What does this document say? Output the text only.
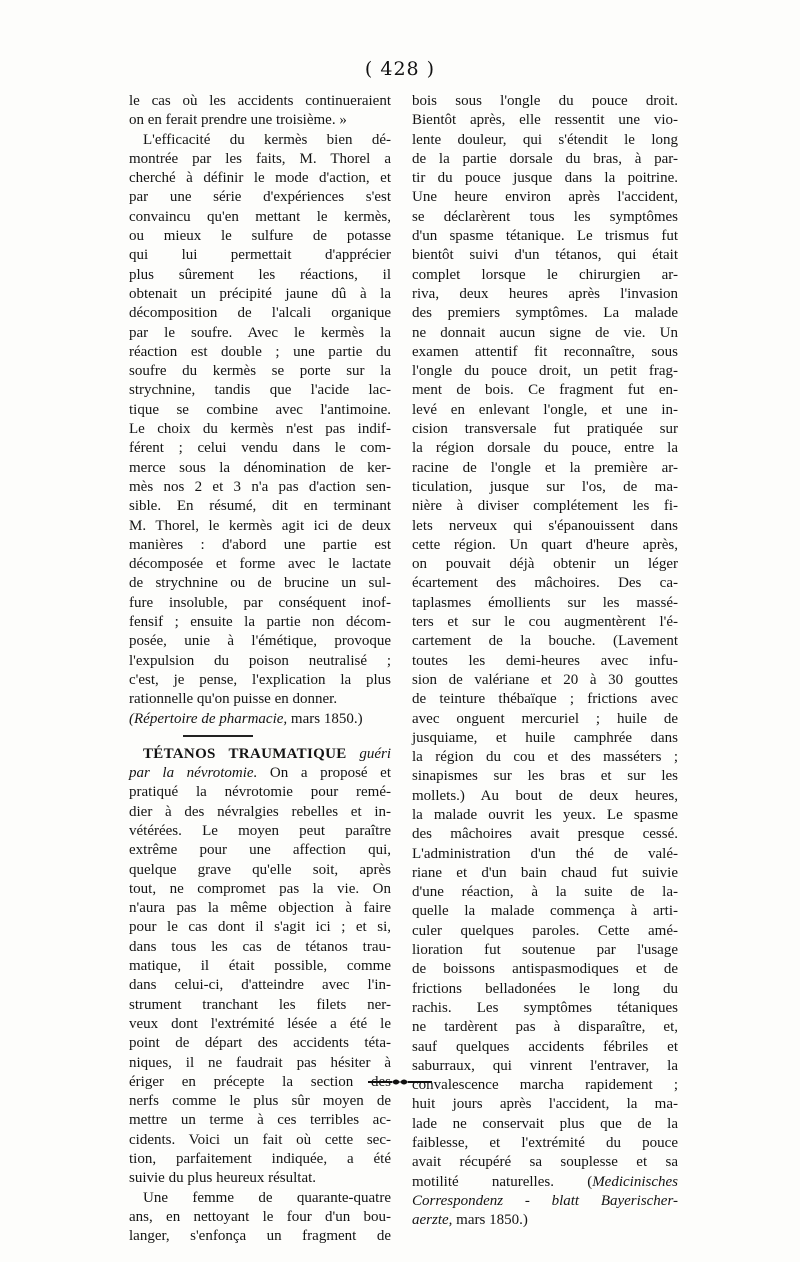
( 428 )
le cas où les accidents continueraient
on en ferait prendre une troisième. »
L'efficacité du kermès bien dé-
montrée par les faits, M. Thorel a
cherché à définir le mode d'action, et
par une série d'expériences s'est
convaincu qu'en mettant le kermès,
ou mieux le sulfure de potasse
qui lui permettait d'apprécier
plus sûrement les réactions, il
obtenait un précipité jaune dû à la
décomposition de l'alcali organique
par le soufre. Avec le kermès la
réaction est double ; une partie du
soufre du kermès se porte sur la
strychnine, tandis que l'acide lac-
tique se combine avec l'antimoine.
Le choix du kermès n'est pas indif-
férent ; celui vendu dans le com-
merce sous la dénomination de ker-
mès nos 2 et 3 n'a pas d'action sen-
sible. En résumé, dit en terminant
M. Thorel, le kermès agit ici de deux
manières : d'abord une partie est
décomposée et forme avec le lactate
de strychnine ou de brucine un sul-
fure insoluble, par conséquent inof-
fensif ; ensuite la partie non décom-
posée, unie à l'émétique, provoque
l'expulsion du poison neutralisé ;
c'est, je pense, l'explication la plus
rationnelle qu'on puisse en donner.
(Répertoire de pharmacie, mars 1850.)
TÉTANOS TRAUMATIQUE guéri
par la névrotomie. On a proposé et
pratiqué la névrotomie pour remé-
dier à des névralgies rebelles et in-
vétérées. Le moyen peut paraître
extrême pour une affection qui,
quelque grave qu'elle soit, après
tout, ne compromet pas la vie. On
n'aura pas la même objection à faire
pour le cas dont il s'agit ici ; et si,
dans tous les cas de tétanos trau-
matique, il était possible, comme
dans celui-ci, d'atteindre avec l'in-
strument tranchant les filets ner-
veux dont l'extrémité lésée a été le
point de départ des accidents téta-
niques, il ne faudrait pas hésiter à
ériger en précepte la section des
nerfs comme le plus sûr moyen de
mettre un terme à ces terribles ac-
cidents. Voici un fait où cette sec-
tion, parfaitement indiquée, a été
suivie du plus heureux résultat.
Une femme de quarante-quatre
ans, en nettoyant le four d'un bou-
langer, s'enfonça un fragment de
bois sous l'ongle du pouce droit.
Bientôt après, elle ressentit une vio-
lente douleur, qui s'étendit le long
de la partie dorsale du bras, à par-
tir du pouce jusque dans la poitrine.
Une heure environ après l'accident,
se déclarèrent tous les symptômes
d'un spasme tétanique. Le trismus fut
bientôt suivi d'un tétanos, qui était
complet lorsque le chirurgien ar-
riva, deux heures après l'invasion
des premiers symptômes. La malade
ne donnait aucun signe de vie. Un
examen attentif fit reconnaître, sous
l'ongle du pouce droit, un petit frag-
ment de bois. Ce fragment fut en-
levé en enlevant l'ongle, et une in-
cision transversale fut pratiquée sur
la région dorsale du pouce, entre la
racine de l'ongle et la première ar-
ticulation, jusque sur l'os, de ma-
nière à diviser complétement les fi-
lets nerveux qui s'épanouissent dans
cette région. Un quart d'heure après,
on pouvait déjà obtenir un léger
écartement des mâchoires. Des ca-
taplasmes émollients sur les massé-
ters et sur le cou augmentèrent l'é-
cartement de la bouche. (Lavement
toutes les demi-heures avec infu-
sion de valériane et 20 à 30 gouttes
de teinture thébaïque ; frictions avec
avec onguent mercuriel ; huile de
jusquiame, et huile camphrée dans
la région du cou et des masséters ;
sinapismes sur les bras et sur les
mollets.) Au bout de deux heures,
la malade ouvrit les yeux. Le spasme
des mâchoires avait presque cessé.
L'administration d'un thé de valé-
riane et d'un bain chaud fut suivie
d'une réaction, à la suite de la-
quelle la malade commença à arti-
culer quelques paroles. Cette amé-
lioration fut soutenue par l'usage
de boissons antispasmodiques et de
frictions belladonées le long du
rachis. Les symptômes tétaniques
ne tardèrent pas à disparaître, et,
sauf quelques accidents fébriles et
saburraux, qui vinrent l'entraver, la
convalescence marcha rapidement ;
huit jours après l'accident, la ma-
lade ne conservait plus que de la
faiblesse, et l'extrémité du pouce
avait récupéré sa souplesse et sa
motilité naturelles. (Medicinisches
Correspondenz - blatt Bayerischer-
aerzte, mars 1850.)
